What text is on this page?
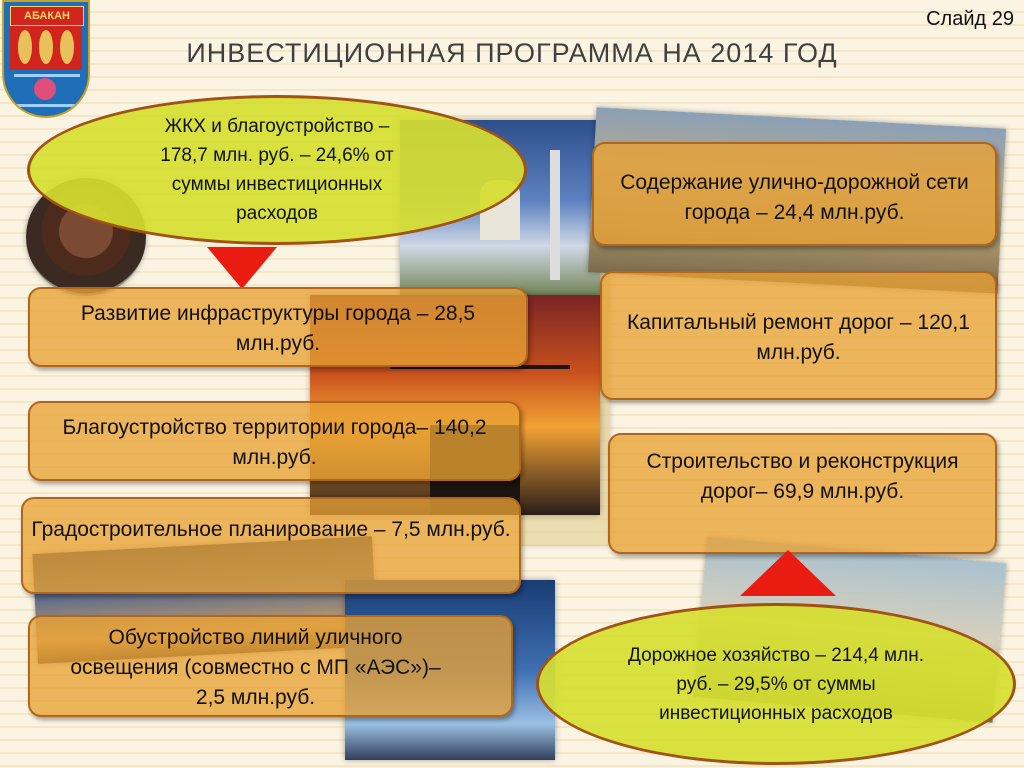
АБАКАН
ИНВЕСТИЦИОННАЯ ПРОГРАММА НА 2014 ГОД
Слайд 29
ЖКХ и благоустройство – 178,7 млн. руб. – 24,6% от суммы инвестиционных расходов
Развитие инфраструктуры города – 28,5 млн.руб.
Благоустройство территории города– 140,2 млн.руб.
Градостроительное планирование – 7,5 млн.руб.
Обустройство линий уличного освещения (совместно с МП «АЭС»)– 2,5 млн.руб.
Содержание улично-дорожной сети города – 24,4 млн.руб.
Капитальный ремонт дорог – 120,1 млн.руб.
Строительство и реконструкция дорог– 69,9 млн.руб.
Дорожное хозяйство – 214,4 млн. руб. – 29,5% от суммы инвестиционных расходов
